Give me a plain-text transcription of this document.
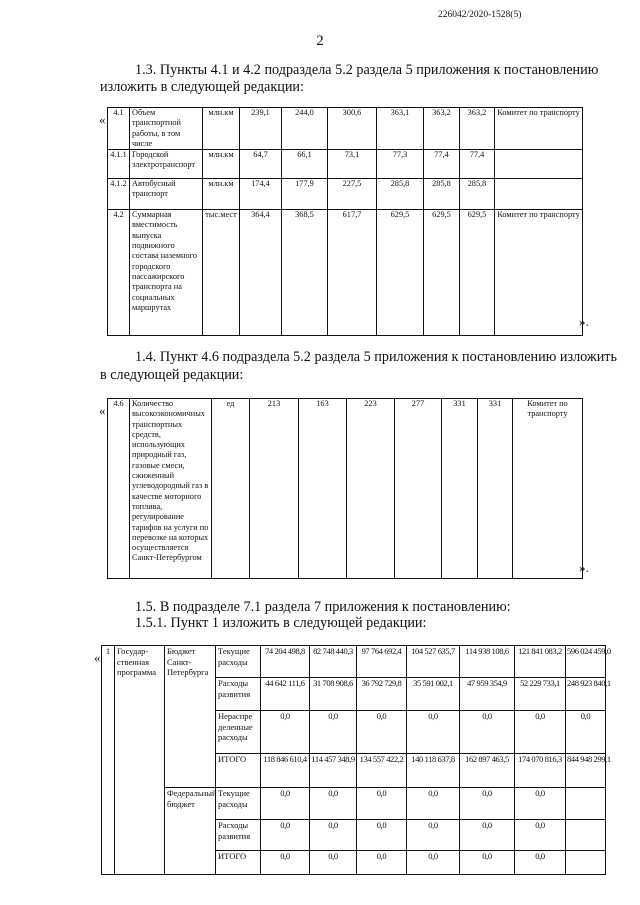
226042/2020-1528(5)
2
1.3. Пункты 4.1 и 4.2 подраздела 5.2 раздела 5 приложения к постановлению
изложить в следующей редакции:
« 4.1	Объем транспортной работы, в том числе	млн.км	239,1	244,0	300,6	363,1	363,2	363,2	Комитет по транспорту
4.1.1	Городской электротранспорт	млн.км	64,7	66,1	73,1	77,3	77,4	77,4	
4.1.2	Автобусный транспорт	млн.км	174,4	177,9	227,5	285,8	285,8	285,8	
4.2	Суммарная вместимость выпуска подвижного состава наземного городского пассажирского транспорта на социальных маршрутах	тыс.мест	364,4	368,5	617,7	629,5	629,5	629,5	Комитет по транспорту
».
1.4. Пункт 4.6 подраздела 5.2 раздела 5 приложения к постановлению изложить
в следующей редакции:
« 4.6	Количество высокоэкономичных транспортных средств, использующих природный газ, газовые смеси, сжиженный углеводородный газ в качестве моторного топлива, регулирование тарифов на услуги по перевозке на которых осуществляется Санкт-Петербургом	ед	213	163	223	277	331	331	Комитет по транспорту
».
1.5. В подразделе 7.1 раздела 7 приложения к постановлению:
1.5.1. Пункт 1 изложить в следующей редакции:
« 1	Государ-ственная программа	Бюджет Санкт-Петербурга	Текущие расходы	74 204 498,8	82 748 440,3	97 764 692,4	104 527 635,7	114 938 108,6	121 841 083,2	596 024 459,0
			Расходы развития	44 642 111,6	31 708 908,6	36 792 729,8	35 591 002,1	47 959 354,9	52 229 733,1	248 923 840,1
			Нераспре деленные расходы	0,0	0,0	0,0	0,0	0,0	0,0	0,0
			ИТОГО	118 846 610,4	114 457 348,9	134 557 422,2	140 118 637,8	162 897 463,5	174 070 816,3	844 948 299,1
		Федеральный бюджет	Текущие расходы	0,0	0,0	0,0	0,0	0,0	0,0	
			Расходы развития	0,0	0,0	0,0	0,0	0,0	0,0	
			ИТОГО	0,0	0,0	0,0	0,0	0,0	0,0	
